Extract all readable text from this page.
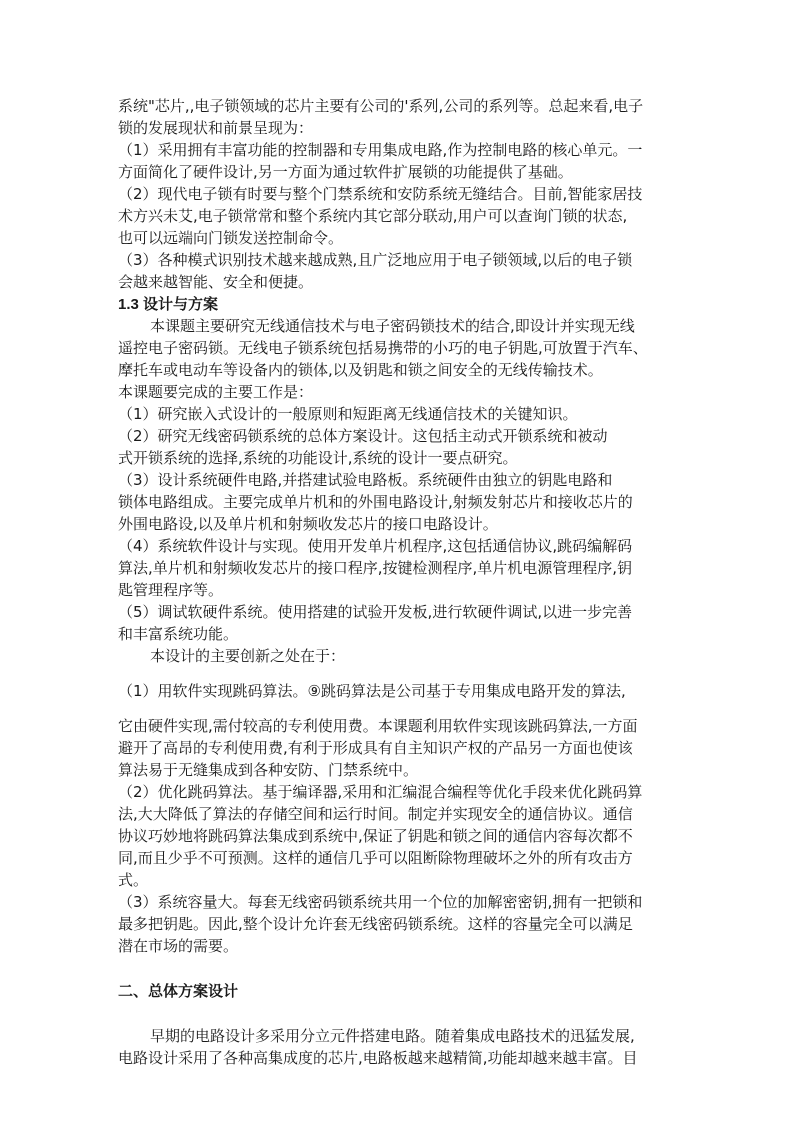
系统"芯片,,电子锁领域的芯片主要有公司的'系列,公司的系列等。总起来看,电子
锁的发展现状和前景呈现为：
（1）采用拥有丰富功能的控制器和专用集成电路,作为控制电路的核心单元。一
方面简化了硬件设计,另一方面为通过软件扩展锁的功能提供了基础。
（2）现代电子锁有时要与整个门禁系统和安防系统无缝结合。目前,智能家居技
术方兴未艾,电子锁常常和整个系统内其它部分联动,用户可以查询门锁的状态,
也可以远端向门锁发送控制命令。
（3）各种模式识别技术越来越成熟,且广泛地应用于电子锁领域,以后的电子锁
会越来越智能、安全和便捷。
1.3 设计与方案
本课题主要研究无线通信技术与电子密码锁技术的结合,即设计并实现无线
遥控电子密码锁。无线电子锁系统包括易携带的小巧的电子钥匙,可放置于汽车、
摩托车或电动车等设备内的锁体,以及钥匙和锁之间安全的无线传输技术。
本课题要完成的主要工作是：
（1）研究嵌入式设计的一般原则和短距离无线通信技术的关键知识。
（2）研究无线密码锁系统的总体方案设计。这包括主动式开锁系统和被动
式开锁系统的选择,系统的功能设计,系统的设计一要点研究。
（3）设计系统硬件电路,并搭建试验电路板。系统硬件由独立的钥匙电路和
锁体电路组成。主要完成单片机和的外围电路设计,射频发射芯片和接收芯片的
外围电路设,以及单片机和射频收发芯片的接口电路设计。
（4）系统软件设计与实现。使用开发单片机程序,这包括通信协议,跳码编解码
算法,单片机和射频收发芯片的接口程序,按键检测程序,单片机电源管理程序,钥
匙管理程序等。
（5）调试软硬件系统。使用搭建的试验开发板,进行软硬件调试,以进一步完善
和丰富系统功能。
本设计的主要创新之处在于：
（1）用软件实现跳码算法。⑨跳码算法是公司基于专用集成电路开发的算法,
它由硬件实现,需付较高的专利使用费。本课题利用软件实现该跳码算法,一方面
避开了高昂的专利使用费,有利于形成具有自主知识产权的产品另一方面也使该
算法易于无缝集成到各种安防、门禁系统中。
（2）优化跳码算法。基于编译器,采用和汇编混合编程等优化手段来优化跳码算
法,大大降低了算法的存储空间和运行时间。制定并实现安全的通信协议。通信
协议巧妙地将跳码算法集成到系统中,保证了钥匙和锁之间的通信内容每次都不
同,而且少乎不可预测。这样的通信几乎可以阻断除物理破坏之外的所有攻击方
式。
（3）系统容量大。每套无线密码锁系统共用一个位的加解密密钥,拥有一把锁和
最多把钥匙。因此,整个设计允许套无线密码锁系统。这样的容量完全可以满足
潜在市场的需要。
二、总体方案设计
早期的电路设计多采用分立元件搭建电路。随着集成电路技术的迅猛发展,
电路设计采用了各种高集成度的芯片,电路板越来越精简,功能却越来越丰富。目
